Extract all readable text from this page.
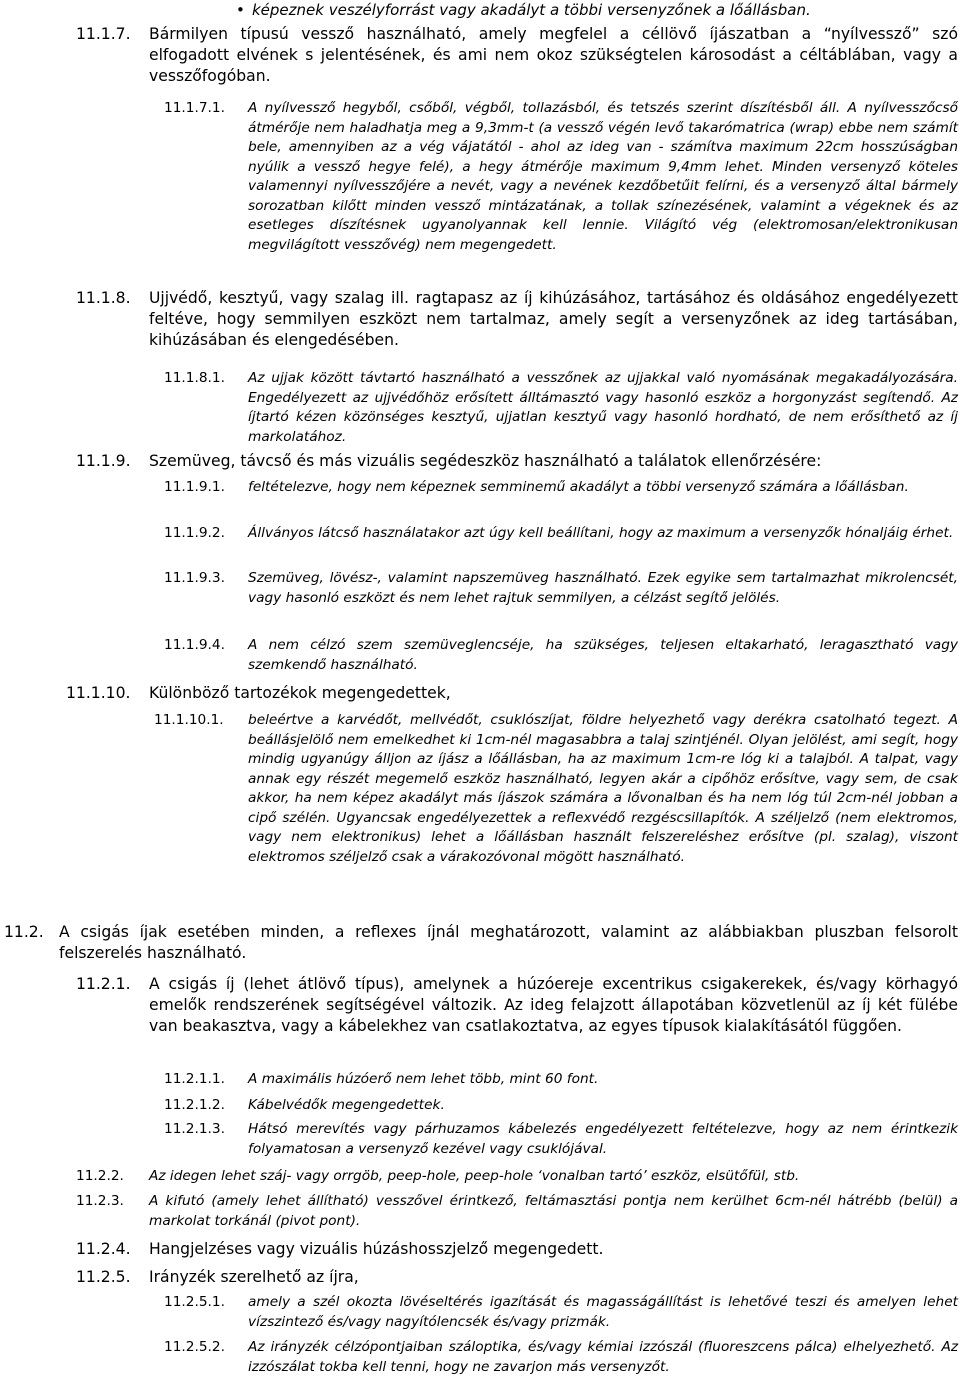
• képeznek veszélyforrást vagy akadályt a többi versenyzőnek a lőállásban.
11.1.7.	Bármilyen típusú vessző használható, amely megfelel a céllövő íjászatban a “nyílvessző” szó elfogadott elvének s jelentésének, és ami nem okoz szükségtelen károsodást a céltáblában, vagy a vesszőfogóban.
11.1.7.1.	A nyílvessző hegyből, csőből, végből, tollazásból, és tetszés szerint díszítésből áll. A nyílvesszőcső átmérője nem haladhatja meg a 9,3mm-t (a vessző végén levő takarómatrica (wrap) ebbe nem számít bele, amennyiben az a vég vájatától - ahol az ideg van - számítva maximum 22cm hosszúságban nyúlik a vessző hegye felé), a hegy átmérője maximum 9,4mm lehet. Minden versenyző köteles valamennyi nyílvesszőjére a nevét, vagy a nevének kezdőbetűit felírni, és a versenyző által bármely sorozatban kilőtt minden vessző mintázatának, a tollak színezésének, valamint a végeknek és az esetleges díszítésnek ugyanolyannak kell lennie. Világító vég (elektromosan/elektronikusan megvilágított vesszővég) nem megengedett.
11.1.8.	Ujjvédő, kesztyű, vagy szalag ill. ragtapasz az íj kihúzásához, tartásához és oldásához engedélyezett feltéve, hogy semmilyen eszközt nem tartalmaz, amely segít a versenyzőnek az ideg tartásában, kihúzásában és elengedésében.
11.1.8.1.	Az ujjak között távtartó használható a vesszőnek az ujjakkal való nyomásának megakadályozására. Engedélyezett az ujjvédőhöz erősített álltámasztó vagy hasonló eszköz a horgonyzást segítendő. Az íjtartó kézen közönséges kesztyű, ujjatlan kesztyű vagy hasonló hordható, de nem erősíthető az íj markolatához.
11.1.9.	Szemüveg, távcső és más vizuális segédeszköz használható a találatok ellenőrzésére:
11.1.9.1.	feltételezve, hogy nem képeznek semminemű akadályt a többi versenyző számára a lőállásban.
11.1.9.2.	Állványos látcső használatakor azt úgy kell beállítani, hogy az maximum a versenyzők hónaljáig érhet.
11.1.9.3.	Szemüveg, lövész-, valamint napszemüveg használható. Ezek egyike sem tartalmazhat mikrolencsét, vagy hasonló eszközt és nem lehet rajtuk semmilyen, a célzást segítő jelölés.
11.1.9.4.	A nem célzó szem szemüveglencséje, ha szükséges, teljesen eltakarható, leragasztható vagy szemkendő használható.
11.1.10.	Különböző tartozékok megengedettek,
11.1.10.1.	beleértve a karvédőt, mellvédőt, csuklószíjat, földre helyezhető vagy derékra csatolható tegezt. A beállásjelölő nem emelkedhet ki 1cm-nél magasabbra a talaj szintjénél. Olyan jelölést, ami segít, hogy mindig ugyanúgy álljon az íjász a lőállásban, ha az maximum 1cm-re lóg ki a talajból. A talpat, vagy annak egy részét megemelő eszköz használható, legyen akár a cipőhöz erősítve, vagy sem, de csak akkor, ha nem képez akadályt más íjászok számára a lővonalban és ha nem lóg túl 2cm-nél jobban a cipő szélén. Ugyancsak engedélyezettek a reflexvédő rezgéscsillapítók. A széljelző (nem elektromos, vagy nem elektronikus) lehet a lőállásban használt felszereléshez erősítve (pl. szalag), viszont elektromos széljelző csak a várakozóvonal mögött használható.
11.2. A csigás íjak esetében minden, a reflexes íjnál meghatározott, valamint az alábbiakban pluszban felsorolt felszerelés használható.
11.2.1.	A csigás íj (lehet átlövő típus), amelynek a húzóereje excentrikus csigakerekek, és/vagy körhagyó emelők rendszerének segítségével változik. Az ideg felajzott állapotában közvetlenül az íj két fülébe van beakasztva, vagy a kábelekhez van csatlakoztatva, az egyes típusok kialakításától függően.
11.2.1.1.	A maximális húzóerő nem lehet több, mint 60 font.
11.2.1.2.	Kábelvédők megengedettek.
11.2.1.3.	Hátsó merevítés vagy párhuzamos kábelezés engedélyezett feltételezve, hogy az nem érintkezik folyamatosan a versenyző kezével vagy csuklójával.
11.2.2.	Az idegen lehet száj- vagy orrgöb, peep-hole, peep-hole ‘vonalban tartó’ eszköz, elsütőfül, stb.
11.2.3.	A kifutó (amely lehet állítható) vesszővel érintkező, feltámasztási pontja nem kerülhet 6cm-nél hátrébb (belül) a markolat torkánál (pivot pont).
11.2.4.	Hangjelzéses vagy vizuális húzáshosszjelző megengedett.
11.2.5.	Irányzék szerelhető az íjra,
11.2.5.1.	amely a szél okozta lövéseltérés igazítását és magasságállítást is lehetővé teszi és amelyen lehet vízszintező és/vagy nagyítólencsék és/vagy prizmák.
11.2.5.2.	Az irányzék célzópontjaiban száloptika, és/vagy kémiai izzószál (fluoreszcens pálca) elhelyezhető. Az izzószálat tokba kell tenni, hogy ne zavarjon más versenyzőt.
